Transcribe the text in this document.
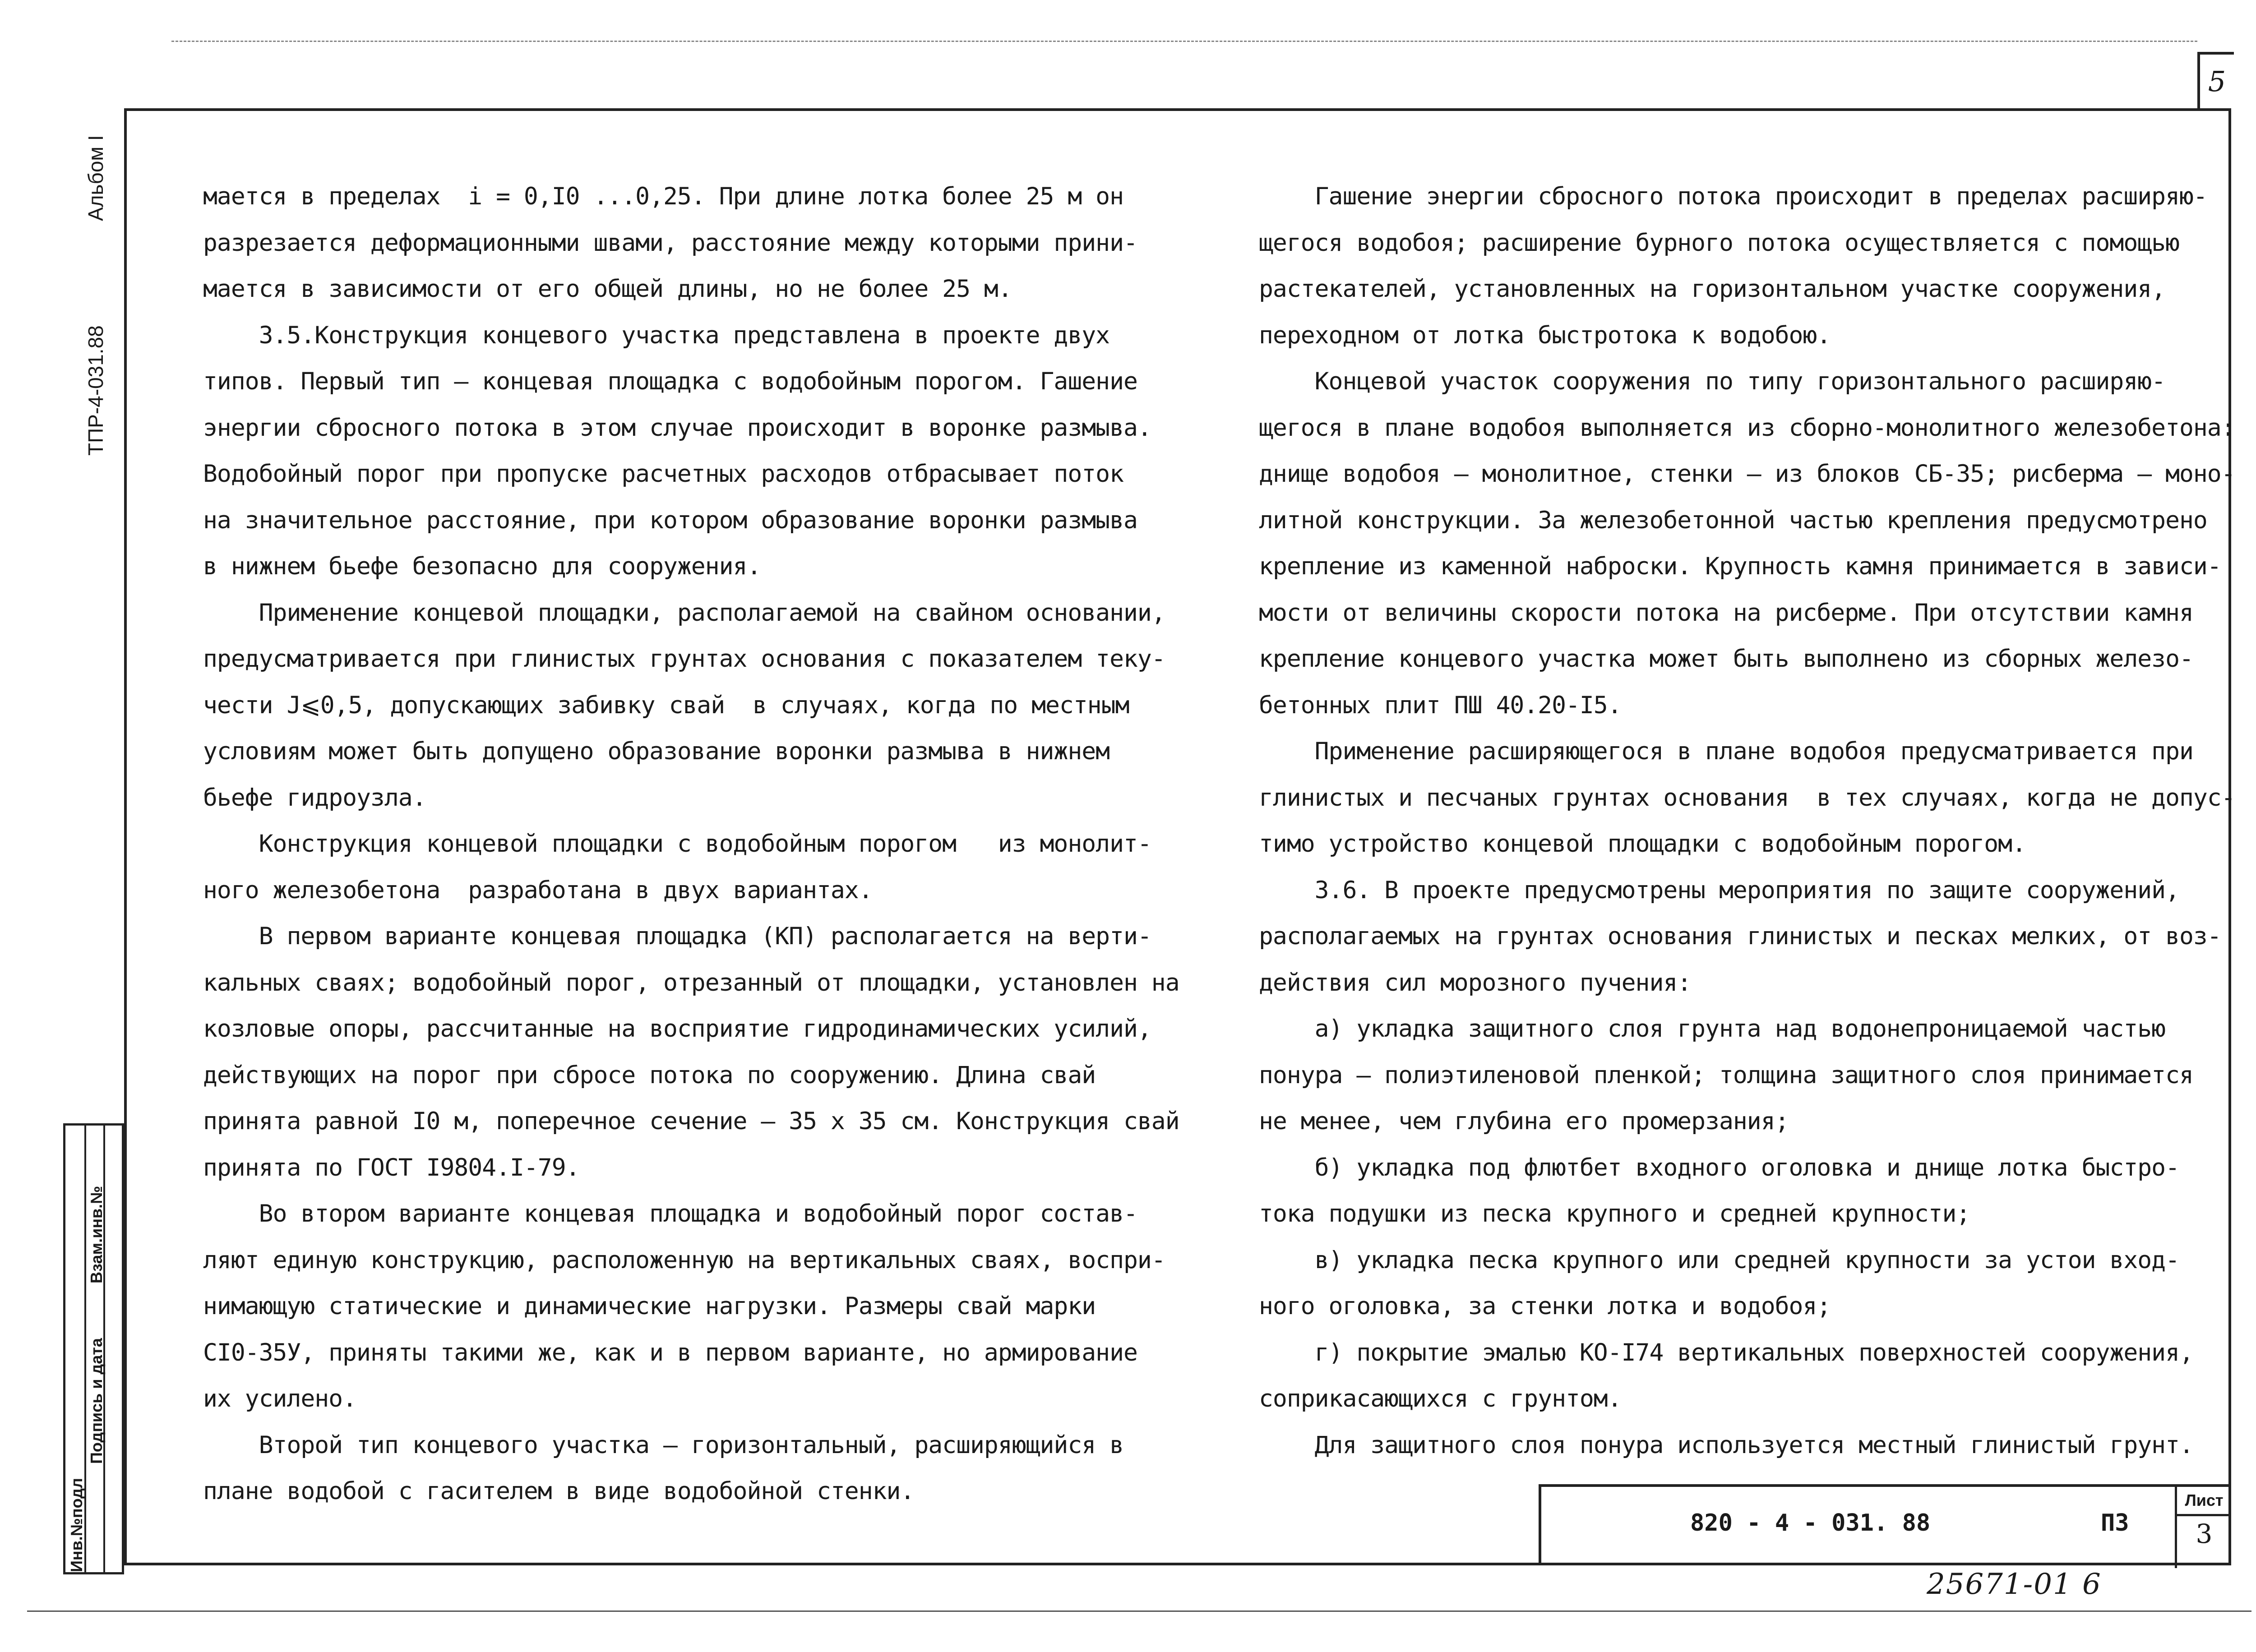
5
Альбом I
ТПР-4-031.88
Инв.№подл
Подпись и дата
Взам.инв.№
мается в пределах  i = 0,I0 ...0,25. При длине лотка более 25 м он
разрезается деформационными швами, расстояние между которыми прини-
мается в зависимости от его общей длины, но не более 25 м.
3.5.Конструкция концевого участка представлена в проекте двух
типов. Первый тип – концевая площадка с водобойным порогом. Гашение
энергии сбросного потока в этом случае происходит в воронке размыва.
Водобойный порог при пропуске расчетных расходов отбрасывает поток
на значительное расстояние, при котором образование воронки размыва
в нижнем бьефе безопасно для сооружения.
Применение концевой площадки, располагаемой на свайном основании,
предусматривается при глинистых грунтах основания с показателем теку-
чести J⩽0,5, допускающих забивку свай  в случаях, когда по местным
условиям может быть допущено образование воронки размыва в нижнем
бьефе гидроузла.
Конструкция концевой площадки с водобойным порогом   из монолит-
ного железобетона  разработана в двух вариантах.
В первом варианте концевая площадка (КП) располагается на верти-
кальных сваях; водобойный порог, отрезанный от площадки, установлен на
козловые опоры, рассчитанные на восприятие гидродинамических усилий,
действующих на порог при сбросе потока по сооружению. Длина свай
принята равной I0 м, поперечное сечение – 35 х 35 см. Конструкция свай
принята по ГОСТ I9804.I-79.
Во втором варианте концевая площадка и водобойный порог состав-
ляют единую конструкцию, расположенную на вертикальных сваях, воспри-
нимающую статические и динамические нагрузки. Размеры свай марки
СI0-35У, приняты такими же, как и в первом варианте, но армирование
их усилено.
Второй тип концевого участка – горизонтальный, расширяющийся в
плане водобой с гасителем в виде водобойной стенки.
Гашение энергии сбросного потока происходит в пределах расширяю-
щегося водобоя; расширение бурного потока осуществляется с помощью
растекателей, установленных на горизонтальном участке сооружения,
переходном от лотка быстротока к водобою.
Концевой участок сооружения по типу горизонтального расширяю-
щегося в плане водобоя выполняется из сборно-монолитного железобетона:
днище водобоя – монолитное, стенки – из блоков СБ-35; рисберма – моно-
литной конструкции. За железобетонной частью крепления предусмотрено
крепление из каменной наброски. Крупность камня принимается в зависи-
мости от величины скорости потока на рисберме. При отсутствии камня
крепление концевого участка может быть выполнено из сборных железо-
бетонных плит ПШ 40.20-I5.
Применение расширяющегося в плане водобоя предусматривается при
глинистых и песчаных грунтах основания  в тех случаях, когда не допус-
тимо устройство концевой площадки с водобойным порогом.
3.6. В проекте предусмотрены мероприятия по защите сооружений,
располагаемых на грунтах основания глинистых и песках мелких, от воз-
действия сил морозного пучения:
а) укладка защитного слоя грунта над водонепроницаемой частью
понура – полиэтиленовой пленкой; толщина защитного слоя принимается
не менее, чем глубина его промерзания;
б) укладка под флютбет входного оголовка и днище лотка быстро-
тока подушки из песка крупного и средней крупности;
в) укладка песка крупного или средней крупности за устои вход-
ного оголовка, за стенки лотка и водобоя;
г) покрытие эмалью КО-I74 вертикальных поверхностей сооружения,
соприкасающихся с грунтом.
Для защитного слоя понура используется местный глинистый грунт.
820 - 4 - 031. 88	ПЗ
Лист
3
25671-01 6
